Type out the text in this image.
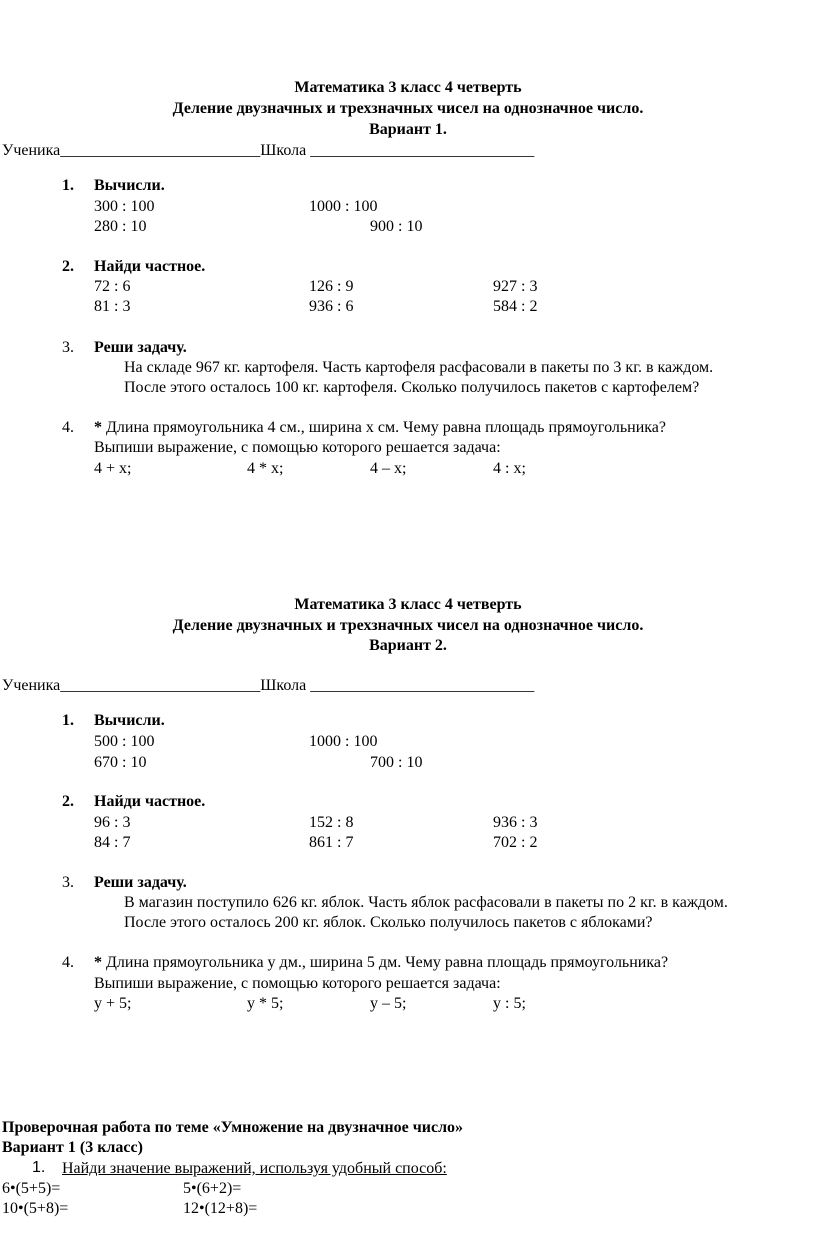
Математика 3 класс 4 четверть
Деление двузначных и трехзначных чисел на однозначное число.
Вариант 1.
Ученика_________________________Школа ____________________________
1. Вычисли.
300 : 100	1000 : 100
280 : 10	900 : 10
2. Найди частное.
72 : 6	126 : 9	927 : 3
81 : 3	936 : 6	584 : 2
3. Реши задачу.
На складе 967 кг. картофеля. Часть картофеля расфасовали в пакеты по 3 кг. в каждом.
После этого осталось 100 кг. картофеля. Сколько получилось пакетов с картофелем?
4. * Длина прямоугольника 4 см., ширина х см. Чему равна площадь прямоугольника?
Выпиши выражение, с помощью которого решается задача:
4 + х;	4 * х;	4 – х;	4 : х;
Математика 3 класс 4 четверть
Деление двузначных и трехзначных чисел на однозначное число.
Вариант 2.
Ученика_________________________Школа ____________________________
1. Вычисли.
500 : 100	1000 : 100
670 : 10	700 : 10
2. Найди частное.
96 : 3	152 : 8	936 : 3
84 : 7	861 : 7	702 : 2
3. Реши задачу.
В магазин поступило 626 кг. яблок. Часть яблок расфасовали в пакеты по 2 кг. в каждом.
После этого осталось 200 кг. яблок. Сколько получилось пакетов с яблоками?
4. * Длина прямоугольника у дм., ширина 5 дм. Чему равна площадь прямоугольника?
Выпиши выражение, с помощью которого решается задача:
у + 5;	у * 5;	у – 5;	у : 5;
Проверочная работа по теме «Умножение на двузначное число»
Вариант 1 (3 класс)
1. Найди значение выражений, используя удобный способ:
6•(5+5)=	5•(6+2)=
10•(5+8)=	12•(12+8)=
